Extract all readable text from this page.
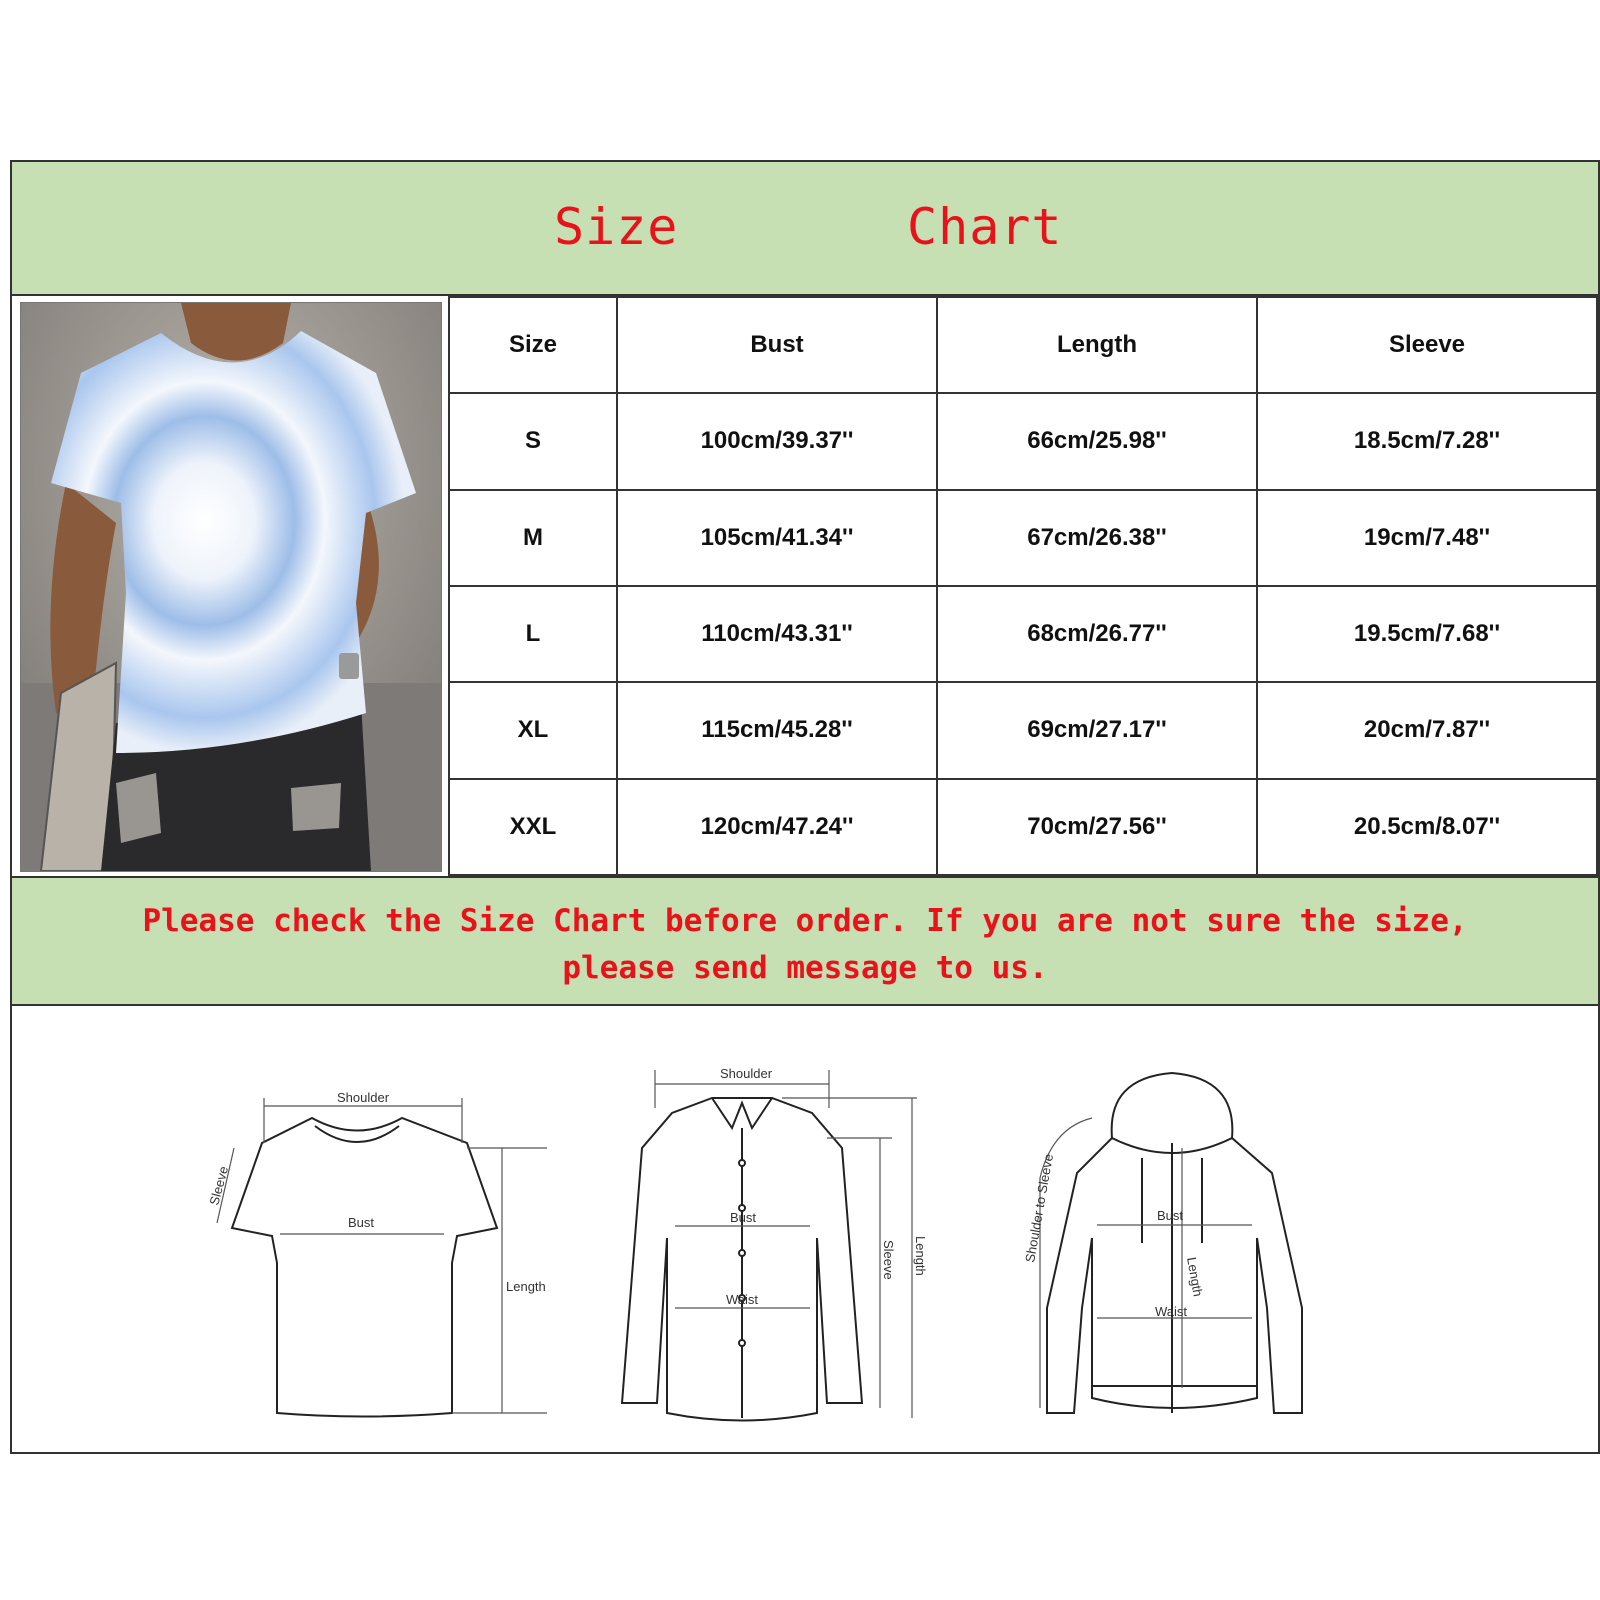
Size	Chart
Size	Bust	Length	Sleeve
S	100cm/39.37''	66cm/25.98''	18.5cm/7.28''
M	105cm/41.34''	67cm/26.38''	19cm/7.48''
L	110cm/43.31''	68cm/26.77''	19.5cm/7.68''
XL	115cm/45.28''	69cm/27.17''	20cm/7.87''
XXL	120cm/47.24''	70cm/27.56''	20.5cm/8.07''
Please check the Size Chart before order. If you are not sure the size,
please send message to us.
Shoulder
Sleeve
Bust
Length
Shoulder
Bust
Waist
Sleeve Length	Shoulder to Sleeve	Bust
Length
Waist
